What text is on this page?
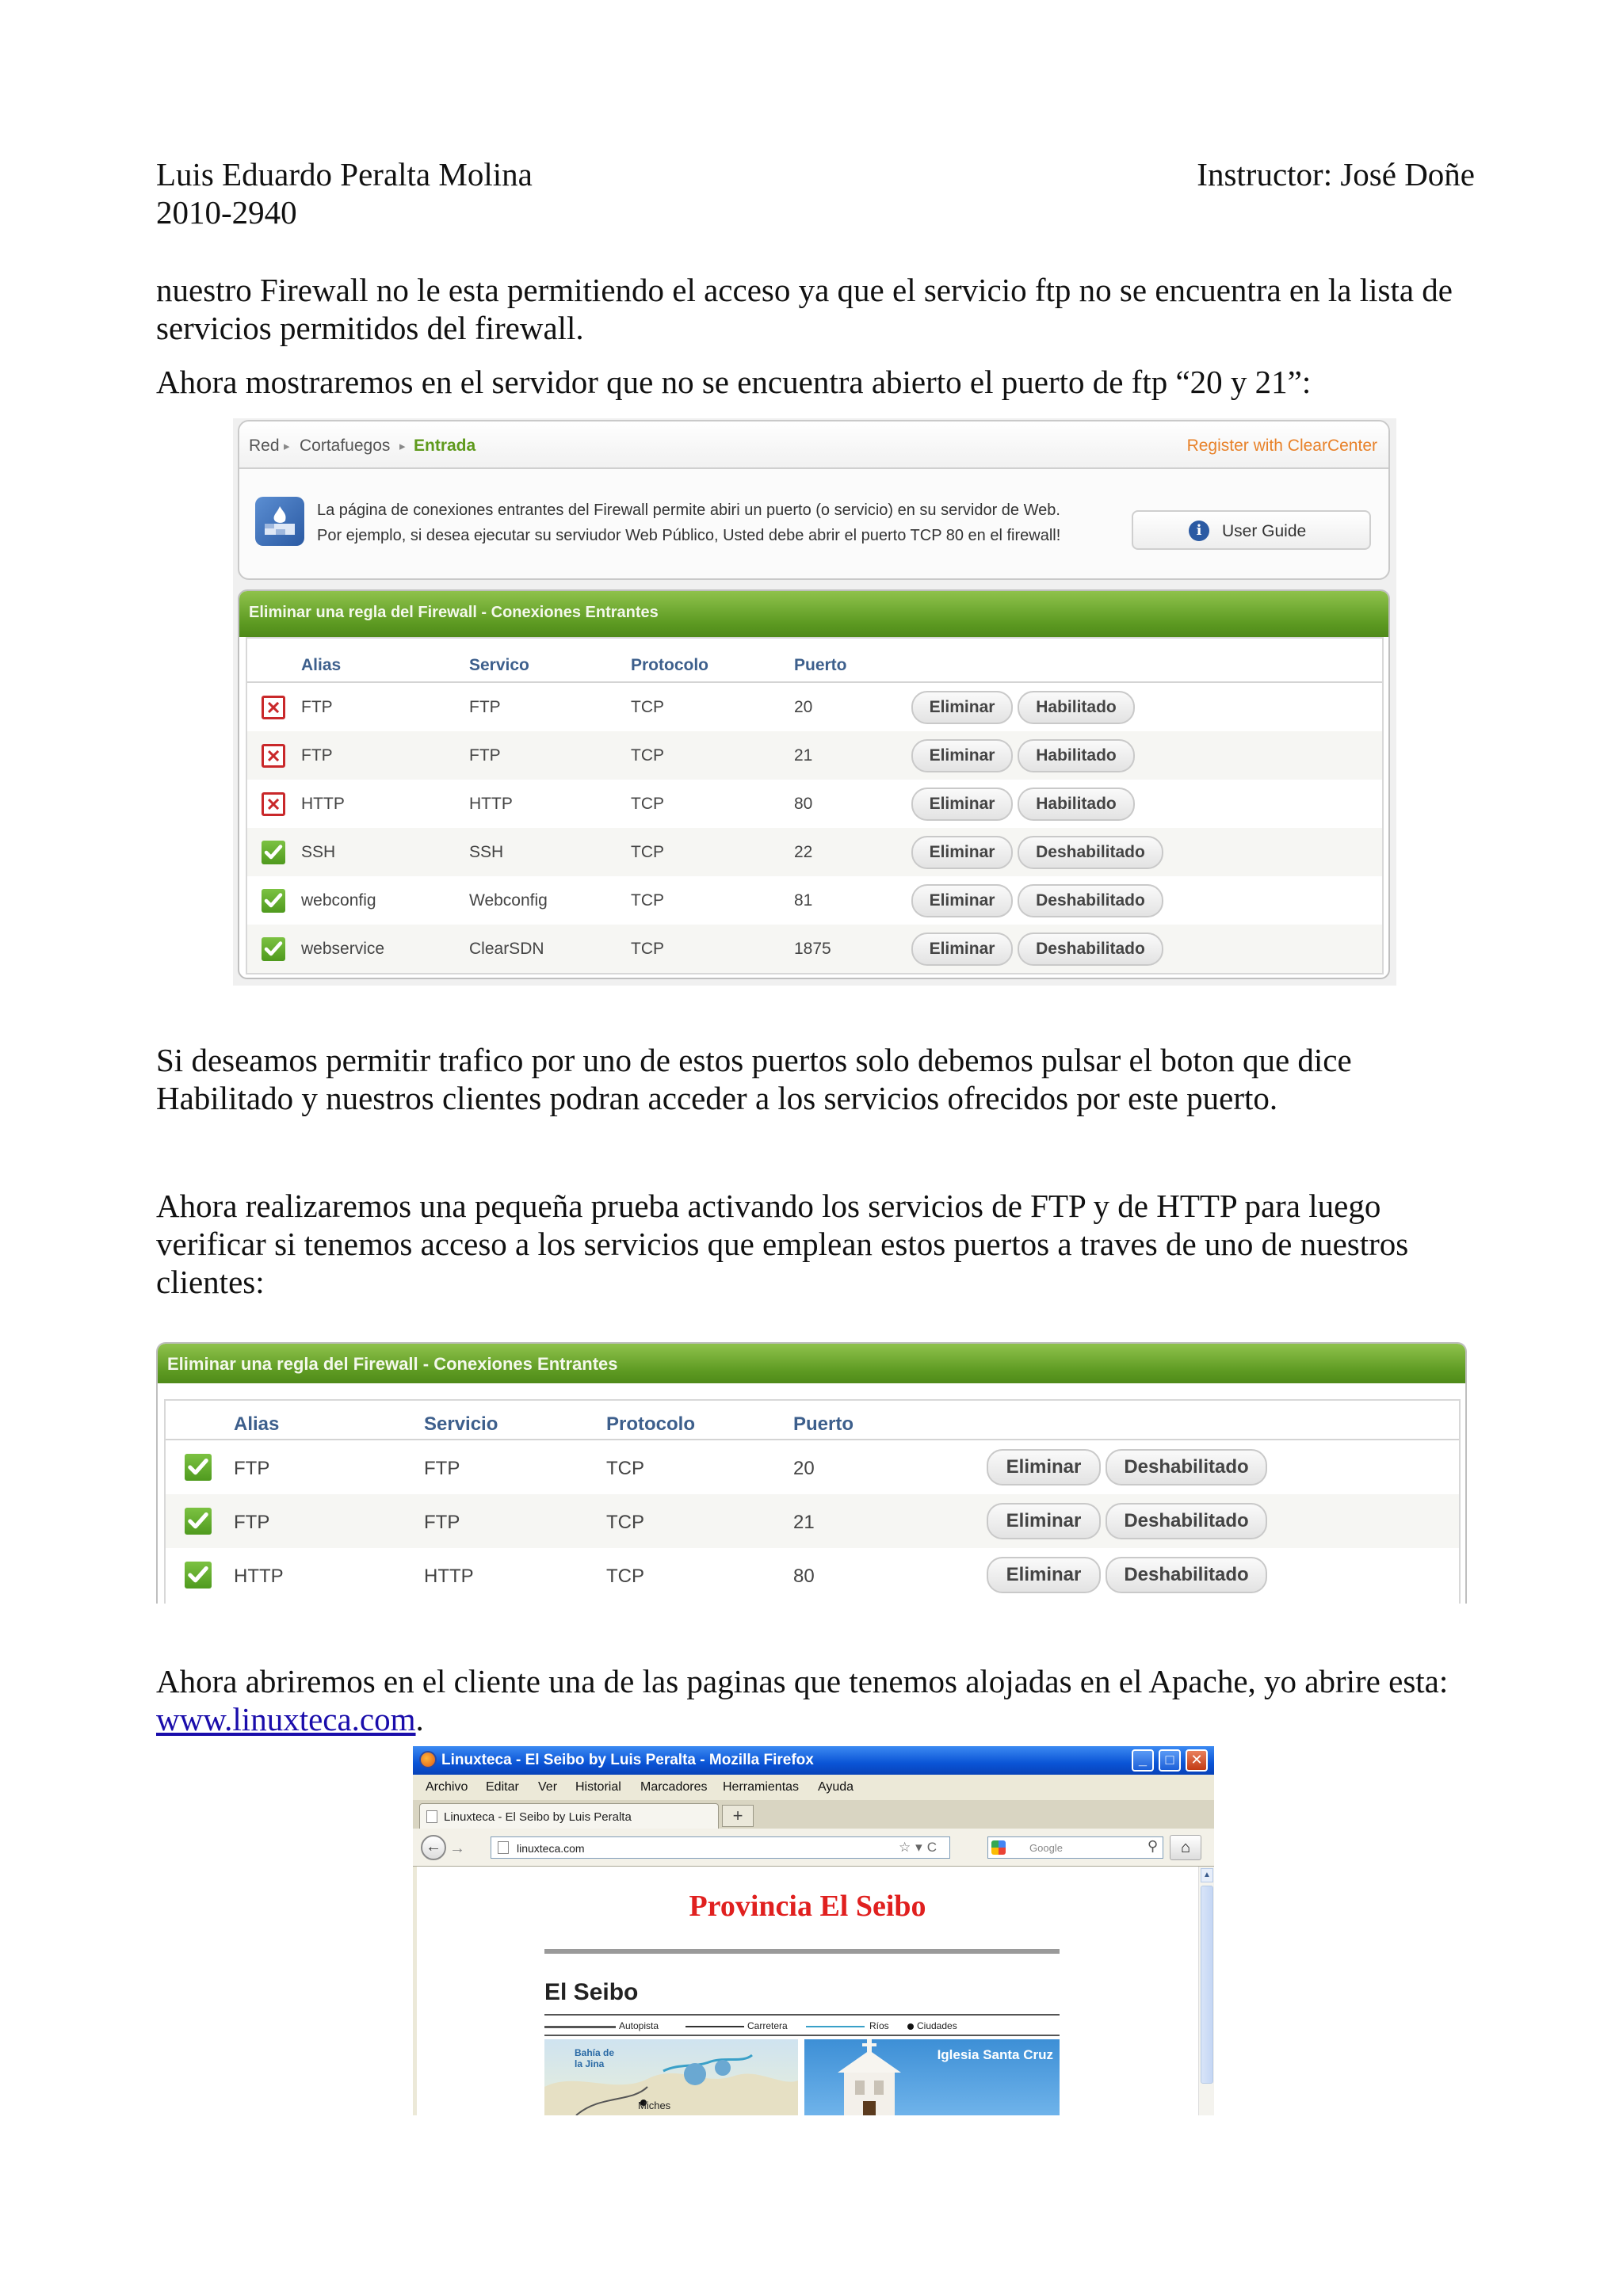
Luis Eduardo Peralta Molina	Instructor: José Doñe
2010-2940
nuestro Firewall no le esta permitiendo el acceso ya que el servicio ftp no se encuentra en la lista de
servicios permitidos del firewall.
Ahora mostraremos en el servidor que no se encuentra abierto el puerto de ftp “20 y 21”:
Red ▸ Cortafuegos ▸ Entrada	Register with ClearCenter
La página de conexiones entrantes del Firewall permite abiri un puerto (o servicio) en su servidor de Web.
Por ejemplo, si desea ejecutar su serviudor Web Público, Usted debe abrir el puerto TCP 80 en el firewall!	i	User Guide
Eliminar una regla del Firewall - Conexiones Entrantes
Alias	Servico	Protocolo	Puerto
FTP	FTP	TCP	20	Eliminar	Habilitado
FTP	FTP	TCP	21	Eliminar	Habilitado
HTTP	HTTP	TCP	80	Eliminar	Habilitado
SSH	SSH	TCP	22	Eliminar	Deshabilitado
webconfig	Webconfig	TCP	81	Eliminar	Deshabilitado
webservice	ClearSDN	TCP	1875	Eliminar	Deshabilitado
Si deseamos permitir trafico por uno de estos puertos solo debemos pulsar el boton que dice
Habilitado y nuestros clientes podran acceder a los servicios ofrecidos por este puerto.
Ahora realizaremos una pequeña prueba activando los servicios de FTP y de HTTP para luego
verificar si tenemos acceso a los servicios que emplean estos puertos a traves de uno de nuestros
clientes:
Eliminar una regla del Firewall - Conexiones Entrantes
Alias	Servicio	Protocolo	Puerto
FTP	FTP	TCP	20	Eliminar	Deshabilitado
FTP	FTP	TCP	21	Eliminar	Deshabilitado
HTTP	HTTP	TCP	80	Eliminar	Deshabilitado
Ahora abriremos en el cliente una de las paginas que tenemos alojadas en el Apache, yo abrire esta:
www.linuxteca.com.
Linuxteca - El Seibo by Luis Peralta - Mozilla Firefox	_	□	✕
Archivo Editar Ver Historial Marcadores Herramientas Ayuda
Linuxteca - El Seibo by Luis Peralta	+
← →	linuxteca.com	☆▾C	Google	⚲	⌂
Provincia El Seibo
El Seibo
Autopista	Carretera	Ríos	Ciudades
Bahía de
la Jina
Miches
Iglesia Santa Cruz
▲
